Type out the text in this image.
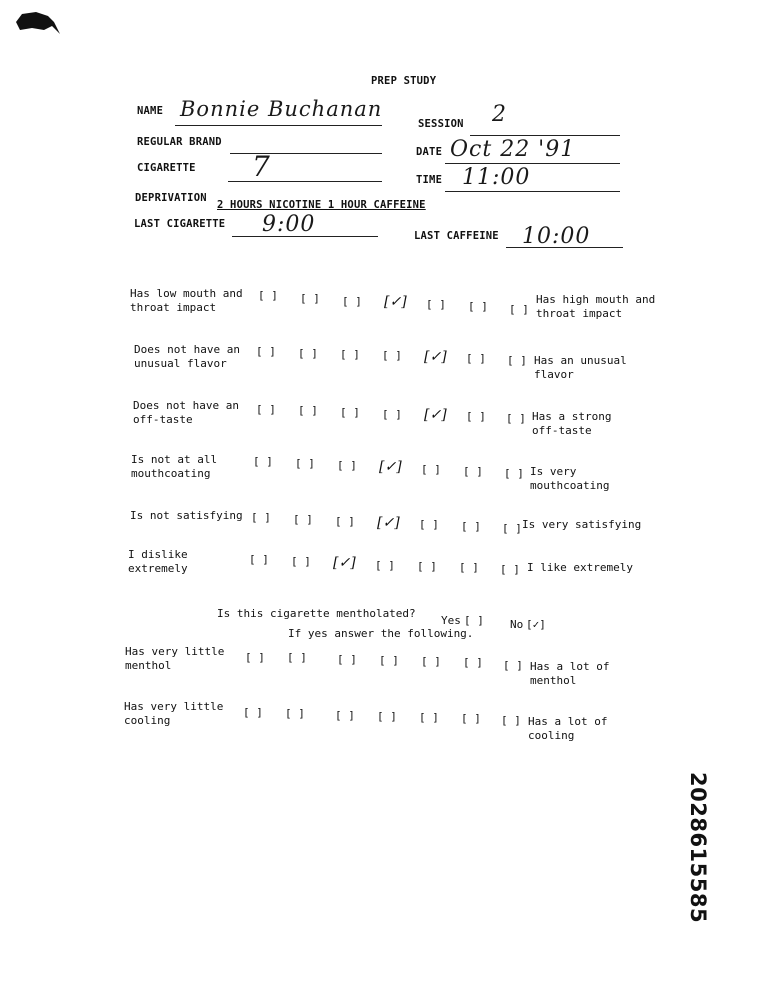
PREP STUDY
NAME Bonnie Buchanan
SESSION 2
REGULAR BRAND
DATE Oct 22 '91
CIGARETTE 7	TIME 11:00
DEPRIVATION
2 HOURS NICOTINE 1 HOUR CAFFEINE
LAST CIGARETTE 9:00	LAST CAFFEINE 10:00
Has low mouth and
throat impact
[ ] [ ] [ ] [✓] [ ] [ ] [ ]
Has high mouth and
throat impact
Does not have an
unusual flavor
[ ] [ ] [ ] [ ] [✓] [ ] [ ] Has an unusual
flavor
Does not have an
off-taste
[ ] [ ] [ ] [ ] [✓] [ ] [ ] Has a strong
off-taste
Is not at all
mouthcoating
[ ] [ ] [ ] [✓] [ ] [ ] [ ] Is very
mouthcoating
Is not satisfying [ ] [ ] [ ] [✓] [ ] [ ] [ ] Is very satisfying
I dislike
extremely
[ ] [ ] [✓] [ ] [ ] [ ] [ ] I like extremely
Is this cigarette mentholated?
Yes [ ] No [✓]
If yes answer the following.
Has very little
menthol
[ ] [ ]	[ ] [ ] [ ] [ ] [ ] Has a lot of
menthol
Has very little
cooling
[ ] [ ]	[ ] [ ] [ ] [ ] [ ] Has a lot of
cooling
2028615585
